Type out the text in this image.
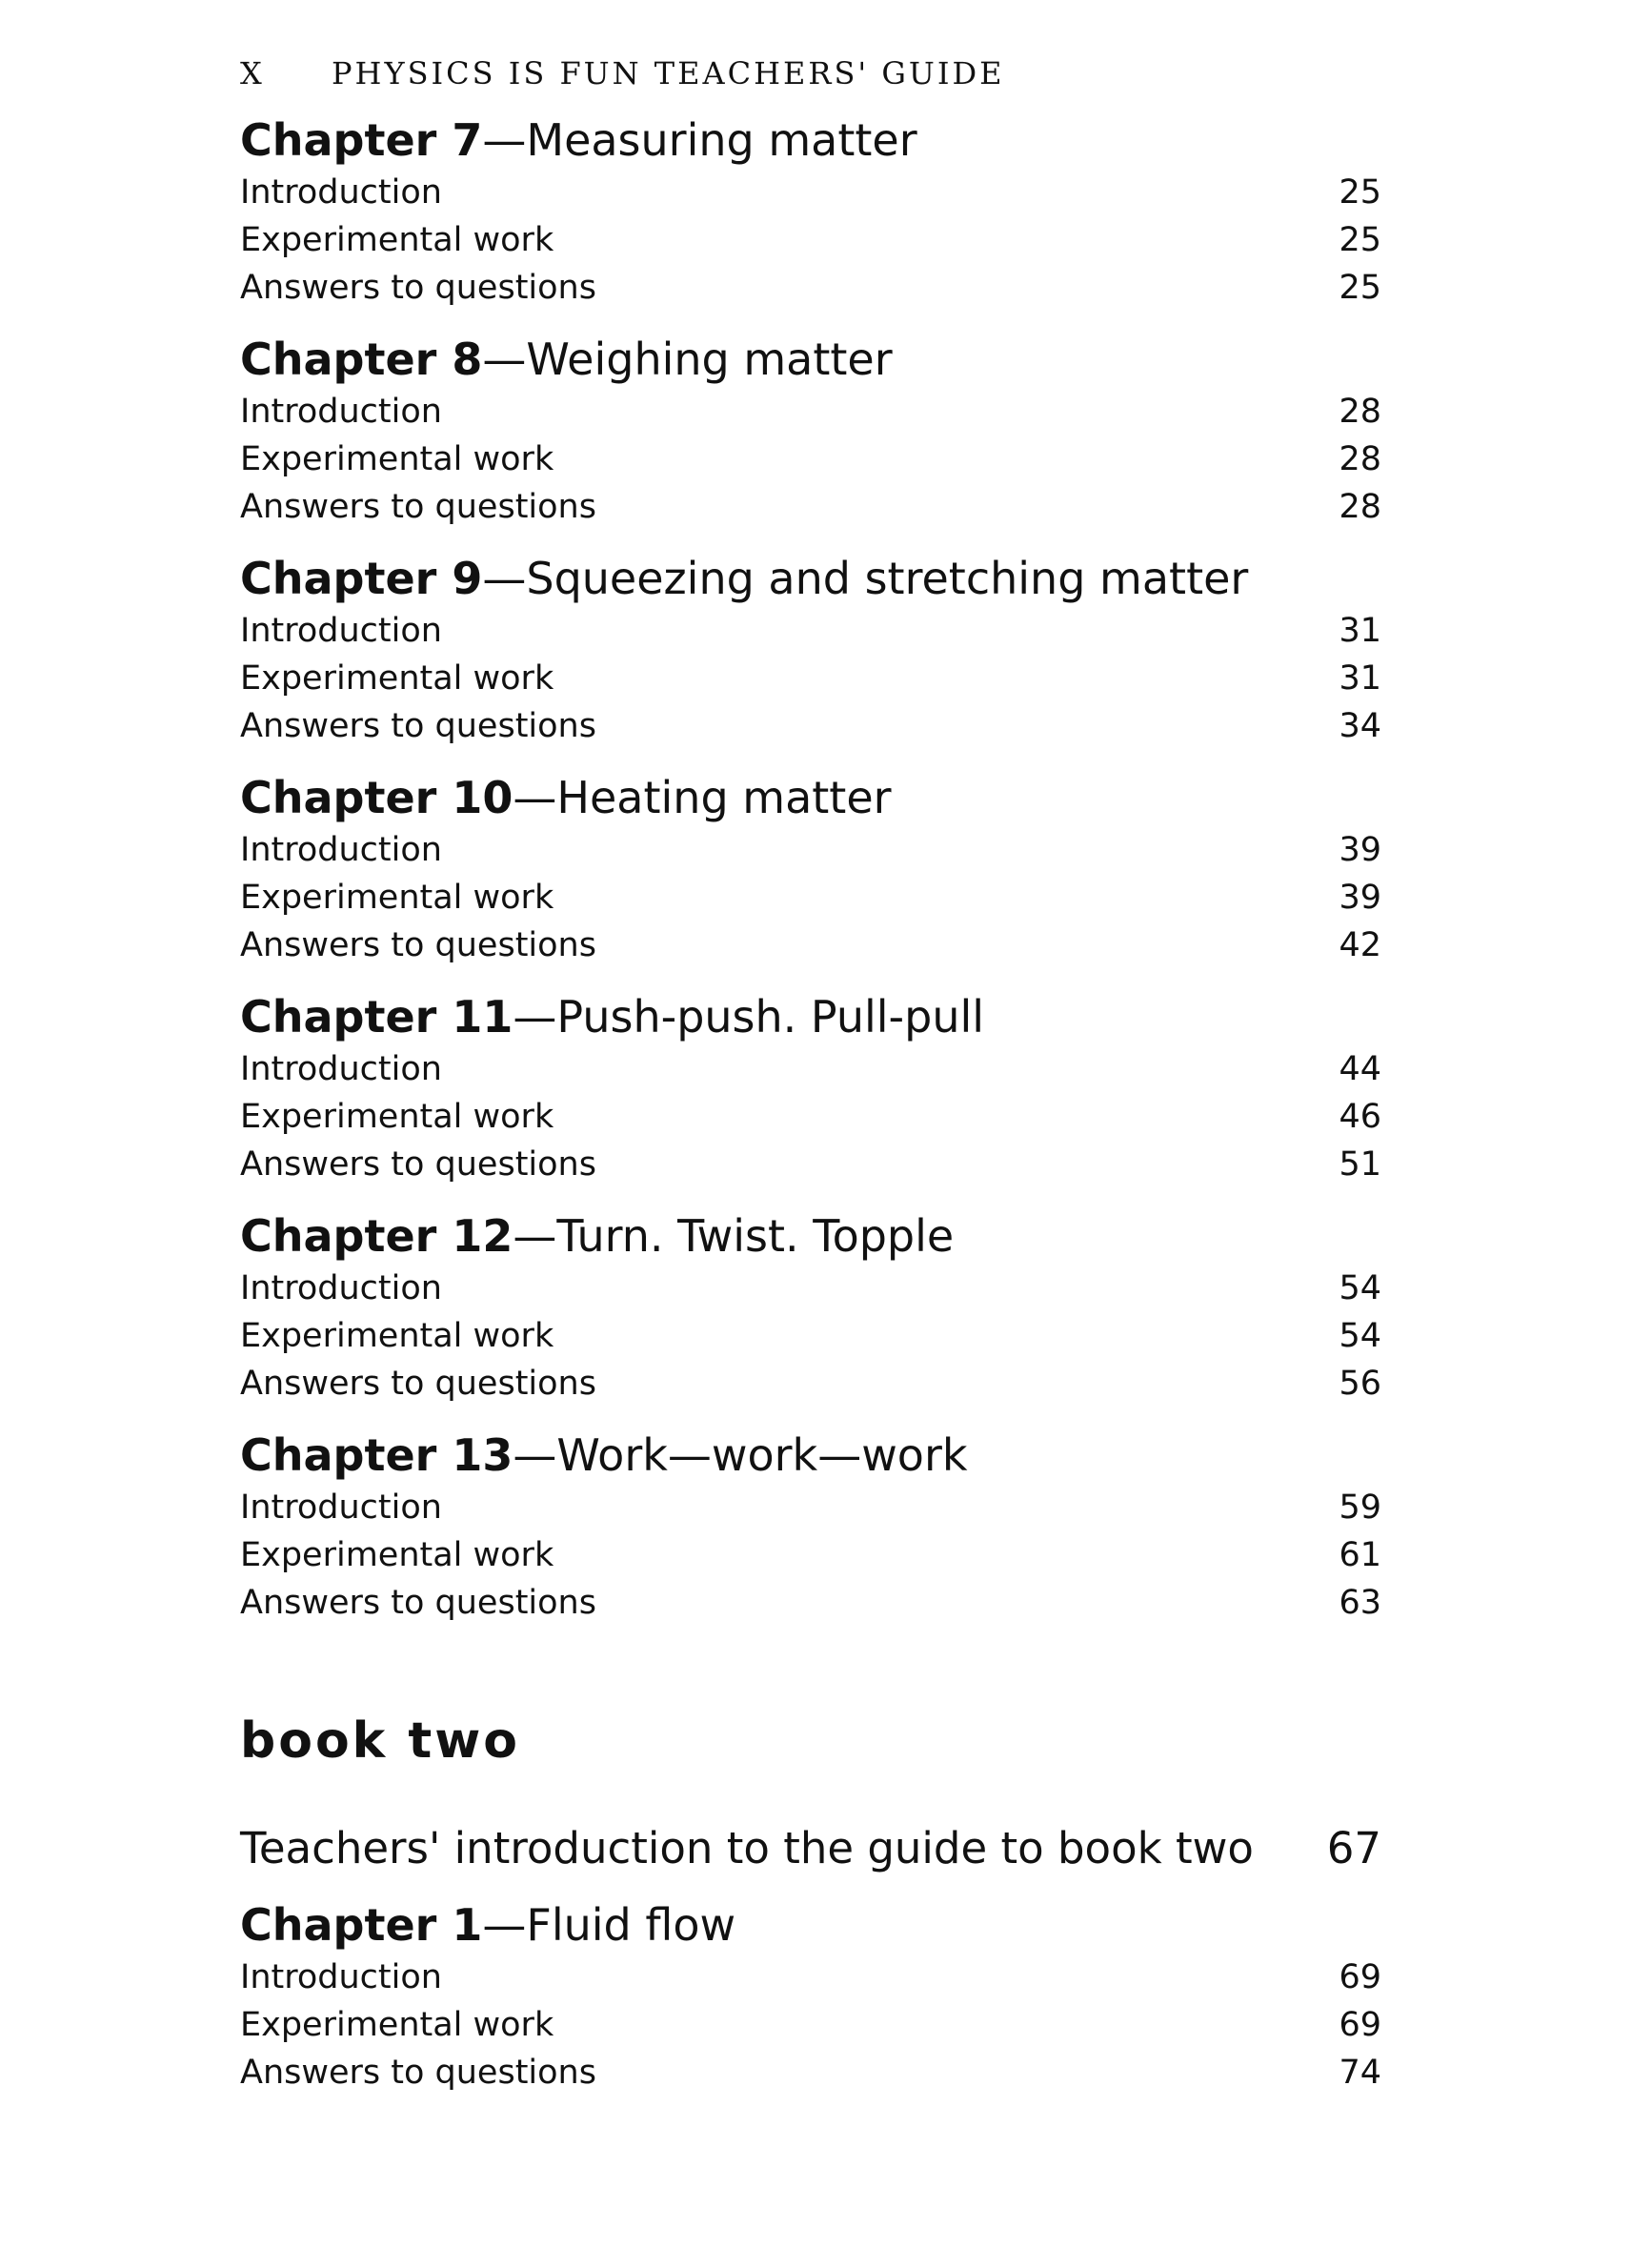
X PHYSICS IS FUN TEACHERS' GUIDE
Chapter 7—Measuring matter
Introduction	25
Experimental work	25
Answers to questions	25
Chapter 8—Weighing matter
Introduction	28
Experimental work	28
Answers to questions	28
Chapter 9—Squeezing and stretching matter
Introduction	31
Experimental work	31
Answers to questions	34
Chapter 10—Heating matter
Introduction	39
Experimental work	39
Answers to questions	42
Chapter 11—Push-push. Pull-pull
Introduction	44
Experimental work	46
Answers to questions	51
Chapter 12—Turn. Twist. Topple
Introduction	54
Experimental work	54
Answers to questions	56
Chapter 13—Work—work—work
Introduction	59
Experimental work	61
Answers to questions	63
book two
Teachers' introduction to the guide to book two 67
Chapter 1—Fluid flow
Introduction	69
Experimental work	69
Answers to questions	74
